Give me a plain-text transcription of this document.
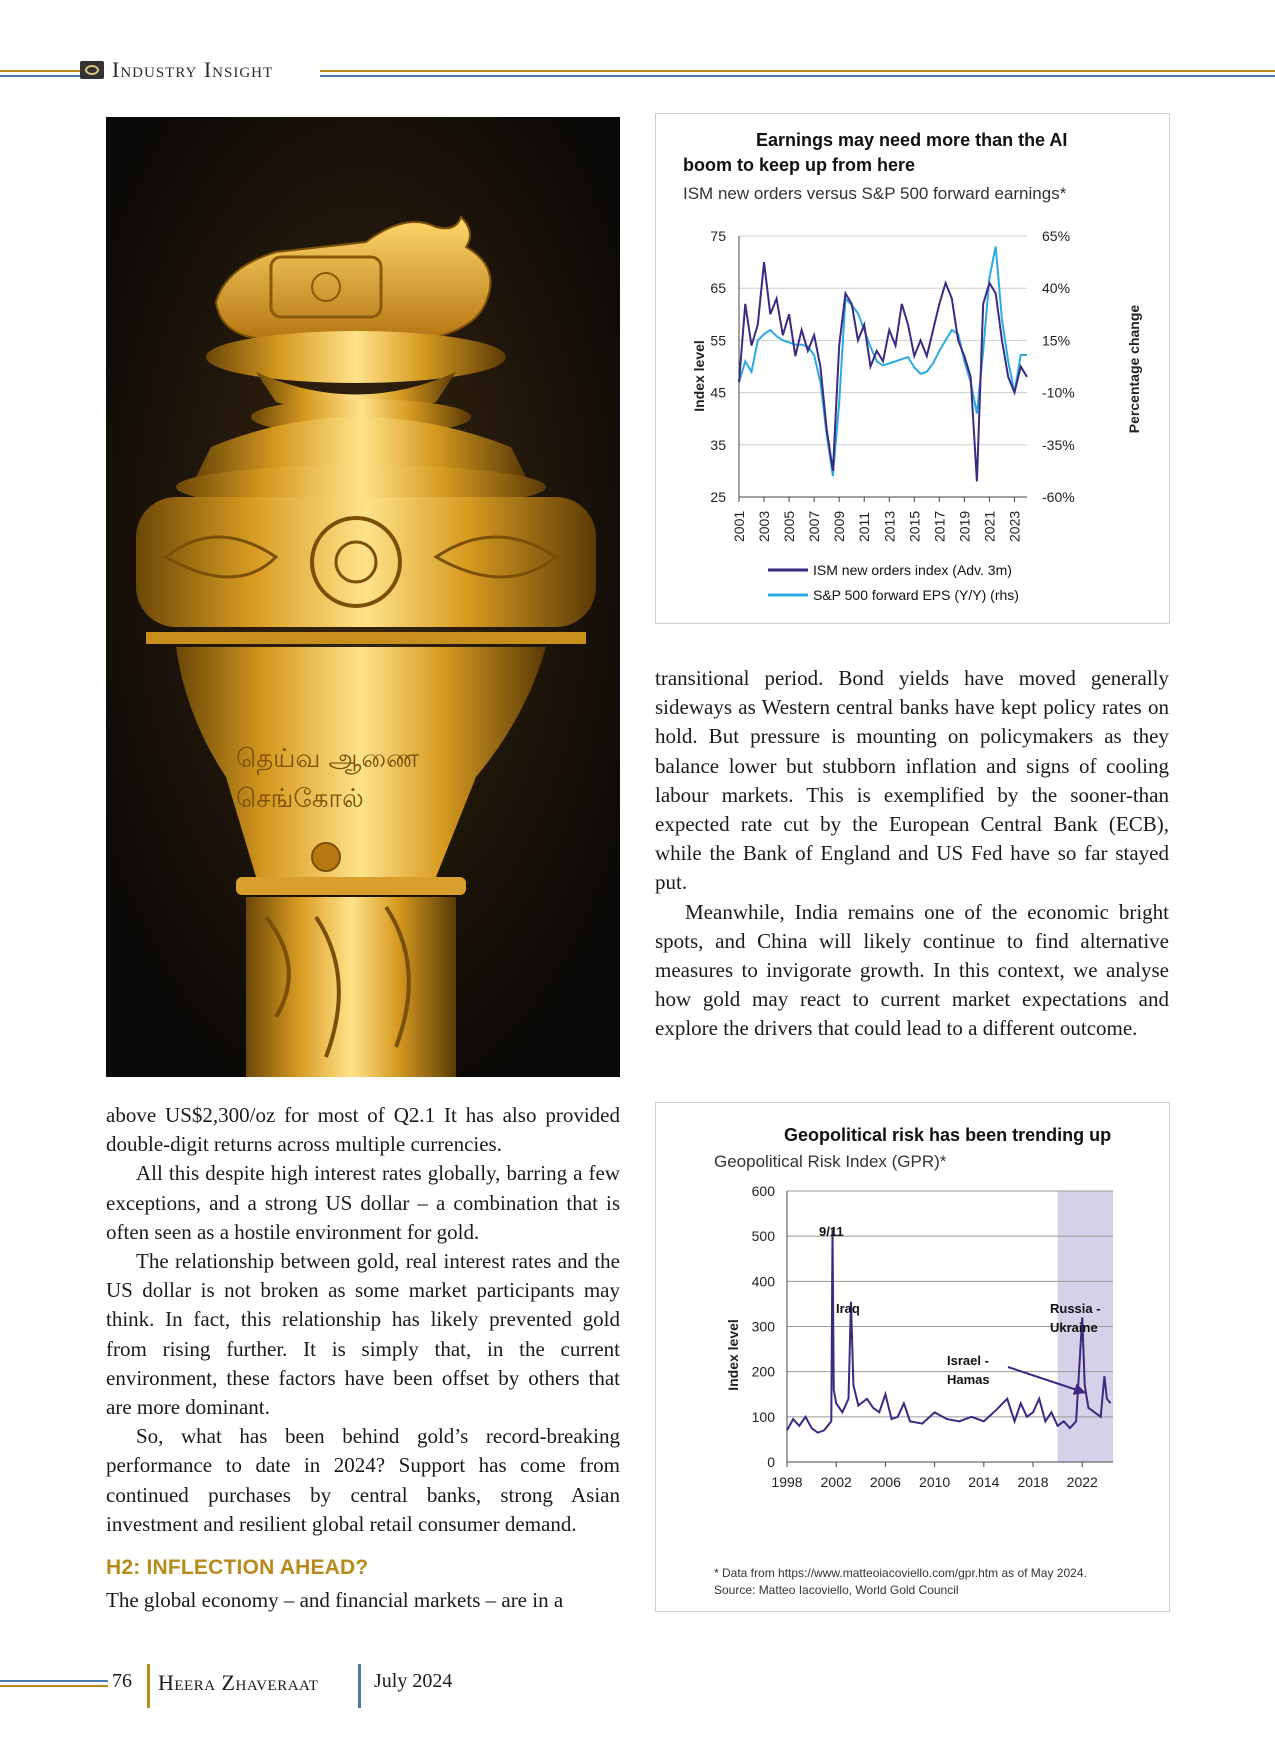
Industry Insight
தெய்வ ஆணை
செங்கோல்
Earnings may need more than the AI
boom to keep up from here
ISM new orders versus S&P 500 forward earnings*
Index level	Percentage change
75	65%
65	40%
55	15%
45	-10%
35	-35%
25	-60%
2001 2003 2005 2007 2009 2011 2013 2015 2017 2019 2021 2023
ISM new orders index (Adv. 3m)
S&P 500 forward EPS (Y/Y) (rhs)
Geopolitical risk has been trending up
Geopolitical Risk Index (GPR)*
Index level
600
500
400
300
200
100
0
1998 2002 2006 2010 2014 2018 2022
9/11
Iraq	Russia -
Ukraine
Israel -
Hamas
* Data from https://www.matteoiacoviello.com/gpr.htm as of May 2024.
Source: Matteo Iacoviello, World Gold Council

above US$2,300/oz for most of Q2.1 It has also provided double-digit returns across multiple currencies.

All this despite high interest rates globally, barring a few exceptions, and a strong US dollar – a combination that is often seen as a hostile environment for gold.

The relationship between gold, real interest rates and the US dollar is not broken as some market participants may think. In fact, this relationship has likely prevented gold from rising further. It is simply that, in the current environment, these factors have been offset by others that are more dominant.

So, what has been behind gold’s record-breaking performance to date in 2024? Support has come from continued purchases by central banks, strong Asian investment and resilient global retail consumer demand.

H2: INFLECTION AHEAD?

The global economy – and financial markets – are in a

transitional period. Bond yields have moved generally sideways as Western central banks have kept policy rates on hold. But pressure is mounting on policymakers as they balance lower but stubborn inflation and signs of cooling labour markets. This is exemplified by the sooner-than expected rate cut by the European Central Bank (ECB), while the Bank of England and US Fed have so far stayed put.

Meanwhile, India remains one of the economic bright spots, and China will likely continue to find alternative measures to invigorate growth. In this context, we analyse how gold may react to current market expectations and explore the drivers that could lead to a different outcome.

76 Heera Zhaveraat	July 2024
